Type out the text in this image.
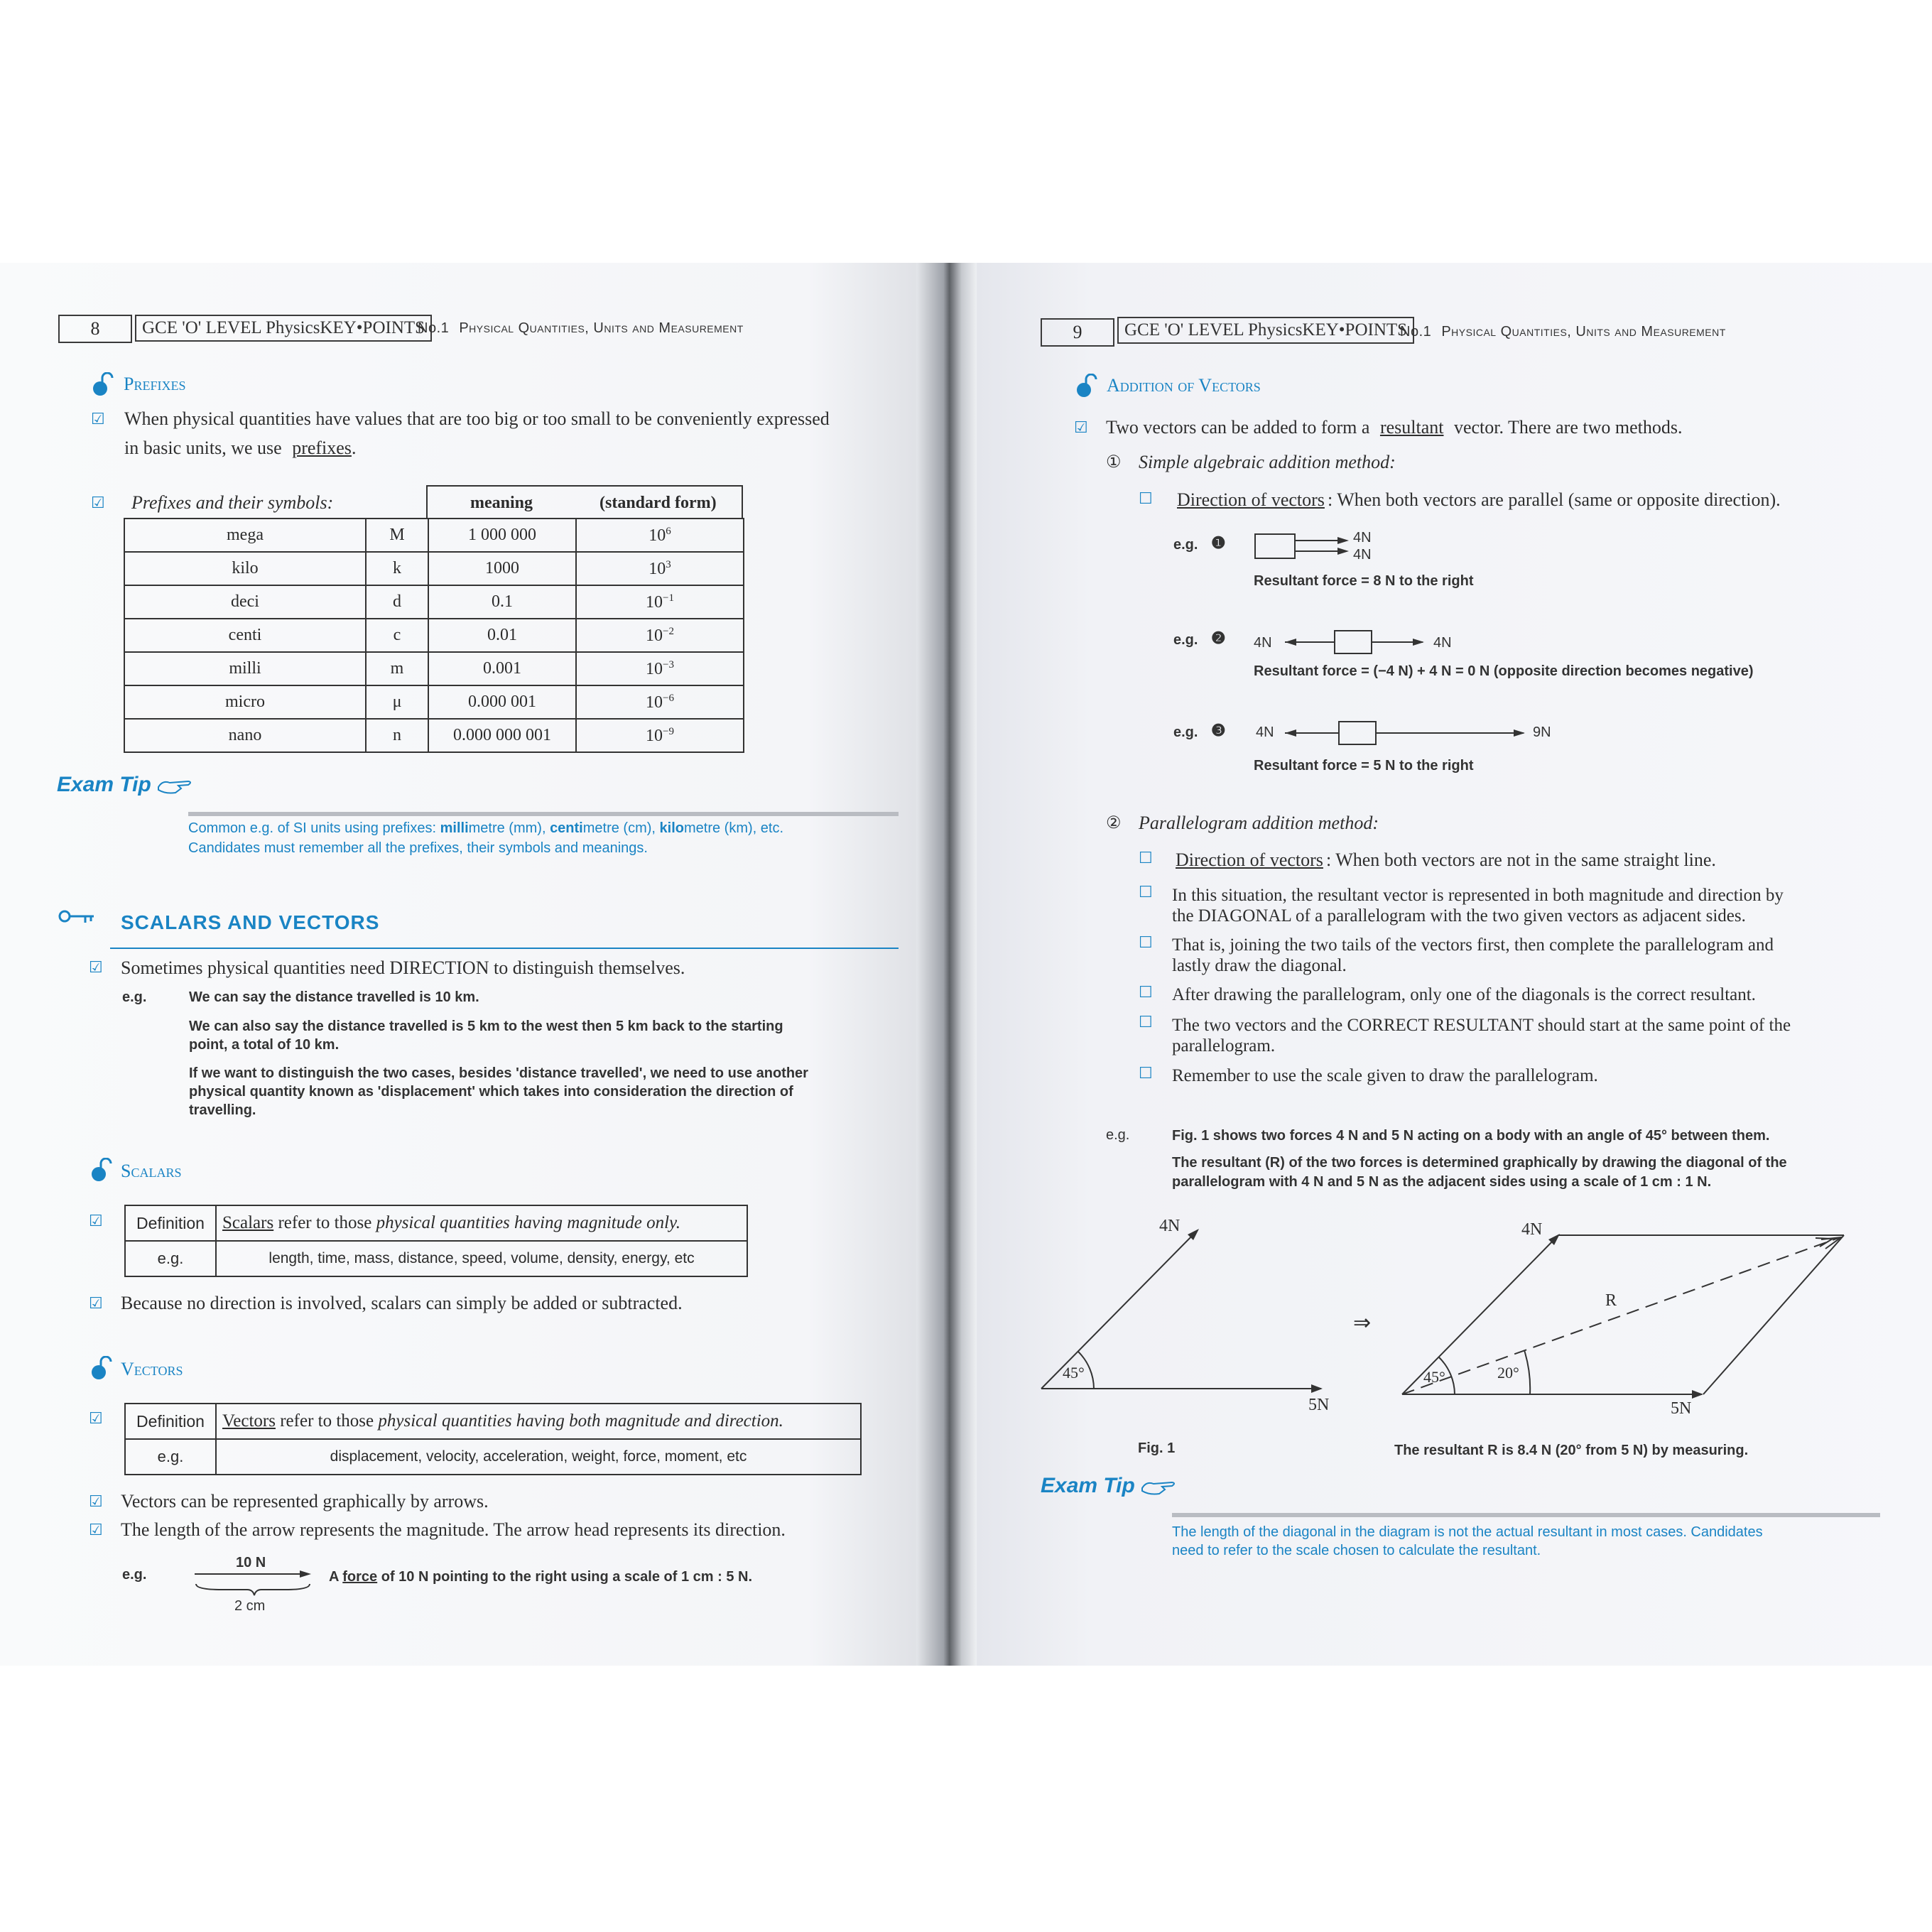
8	GCE 'O' LEVEL PhysicsKEY•POINTS
No.1 Physical Quantities, Units and Measurement
Prefixes
☑ When physical quantities have values that are too big or too small to be conveniently expressed
in basic units, we use prefixes.
☑ Prefixes and their symbols:	meaning	(standard form)
mega	M	1 000 000	$10^6$
kilo	k	1000	$10^3$
deci	d	0.1	$10^{-1}$
centi	c	0.01	$10^{-2}$
milli	m	0.001	$10^{-3}$
micro	μ	0.000 001	$10^{-6}$
nano	n	0.000 000 001	$10^{-9}$
Exam Tip
Common e.g. of SI units using prefixes: millimetre (mm), centimetre (cm), kilometre (km), etc.
Candidates must remember all the prefixes, their symbols and meanings.
SCALARS AND VECTORS
☑ Sometimes physical quantities need DIRECTION to distinguish themselves.
e.g.	We can say the distance travelled is 10 km.
We can also say the distance travelled is 5 km to the west then 5 km back to the starting
point, a total of 10 km.
If we want to distinguish the two cases, besides 'distance travelled', we need to use another
physical quantity known as 'displacement' which takes into consideration the direction of
travelling.
Scalars
☑ Definition	Scalars refer to those physical quantities having magnitude only.
e.g.	length, time, mass, distance, speed, volume, density, energy, etc
☑ Because no direction is involved, scalars can simply be added or subtracted.
Vectors
☑ Definition	Vectors refer to those physical quantities having both magnitude and direction.
e.g.	displacement, velocity, acceleration, weight, force, moment, etc
☑ Vectors can be represented graphically by arrows.
☑ The length of the arrow represents the magnitude. The arrow head represents its direction.
e.g.
10 N
2 cm
A force of 10 N pointing to the right using a scale of 1 cm : 5 N.
9	GCE 'O' LEVEL PhysicsKEY•POINTS
No.1 Physical Quantities, Units and Measurement
Addition of Vectors
☑ Two vectors can be added to form a resultant vector. There are two methods.
① Simple algebraic addition method:
☐ Direction of vectors : When both vectors are parallel (same or opposite direction).
e.g. ❶	4N
4N
Resultant force = 8 N to the right
e.g. ❷ 4N	4N
Resultant force = (−4 N) + 4 N = 0 N (opposite direction becomes negative)
e.g. ❸ 4N	9N
Resultant force = 5 N to the right
② Parallelogram addition method:
☐ Direction of vectors : When both vectors are not in the same straight line.
☐ In this situation, the resultant vector is represented in both magnitude and direction by
the DIAGONAL of a parallelogram with the two given vectors as adjacent sides.
☐ That is, joining the two tails of the vectors first, then complete the parallelogram and
lastly draw the diagonal.
☐ After drawing the parallelogram, only one of the diagonals is the correct resultant.
☐ The two vectors and the CORRECT RESULTANT should start at the same point of the
parallelogram.
☐ Remember to use the scale given to draw the parallelogram.
e.g.	Fig. 1 shows two forces 4 N and 5 N acting on a body with an angle of 45° between them.
The resultant (R) of the two forces is determined graphically by drawing the diagonal of the
parallelogram with 4 N and 5 N as the adjacent sides using a scale of 1 cm : 1 N.
4N
5N
45°
⇒
4N
5N
R
45°	20°
Fig. 1	The resultant R is 8.4 N (20° from 5 N) by measuring.
Exam Tip
The length of the diagonal in the diagram is not the actual resultant in most cases. Candidates
need to refer to the scale chosen to calculate the resultant.
